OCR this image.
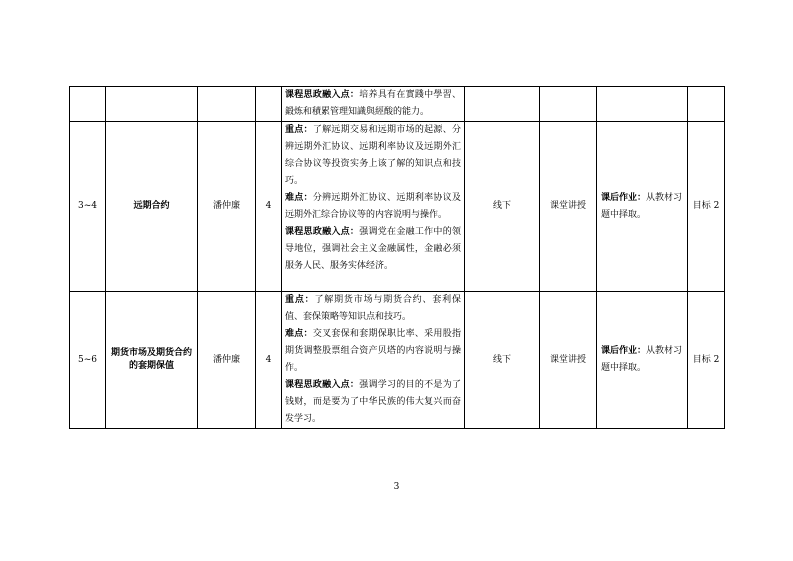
				课程思政融入点：培养具有在實踐中學習、鍛炼和積累管理知識與經酸的能力。				

3~4	远期合约	潘仲廉	4	重点：了解远期交易和远期市场的起源、分辨远期外汇协议、远期利率协议及远期外汇综合协议等投资实务上该了解的知识点和技巧。
难点：分辨远期外汇协议、远期利率协议及远期外汇综合协议等的内容说明与操作。
课程思政融入点：强调党在金融工作中的领导地位，强调社会主义金融属性，金融必须服务人民、服务实体经济。	线下	课堂讲授	课后作业：从教材习题中择取。	目标 2
5~6	期货市场及期货合约的套期保值	潘仲廉	4	重点：了解期货市场与期货合约、套利保值、套保策略等知识点和技巧。
难点：交叉套保和套期保职比率、采用股指期货调整股票组合资产贝塔的内容说明与操作。
课程思政融入点：强调学习的目的不是为了钱财，而是要为了中华民族的伟大复兴而奋发学习。	线下	课堂讲授	课后作业：从教材习题中择取。	目标 2
3
